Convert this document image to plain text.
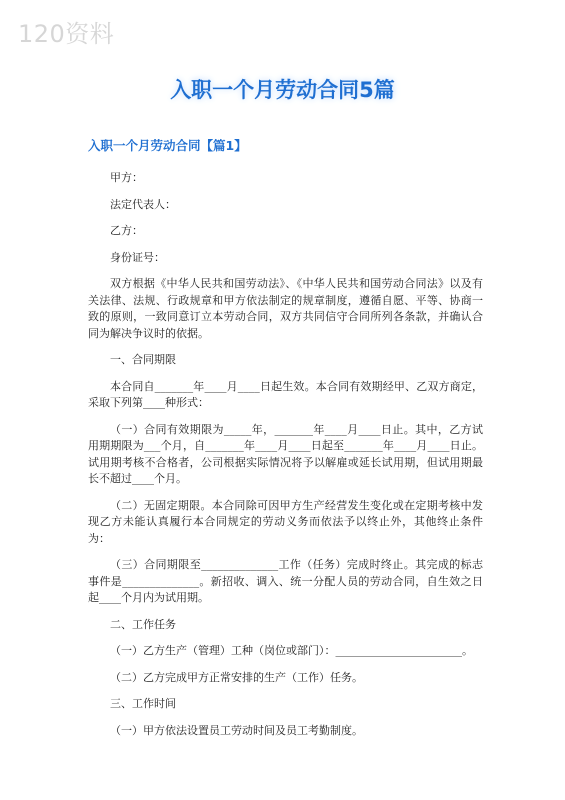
120资料
入职一个月劳动合同5篇
入职一个月劳动合同【篇1】

甲方：

法定代表人：

乙方：

身份证号：

双方根据《中华人民共和国劳动法》、《中华人民共和国劳动合同法》以及有关法律、法规、行政规章和甲方依法制定的规章制度，遵循自愿、平等、协商一致的原则，一致同意订立本劳动合同，双方共同信守合同所列各条款，并确认合同为解决争议时的依据。

一、合同期限

本合同自_______年____月____日起生效。本合同有效期经甲、乙双方商定，采取下列第____种形式：

（一）合同有效期限为_____年，_______年____月____日止。其中，乙方试用期期限为___个月，自_______年____月____日起至_______年____月____日止。试用期考核不合格者，公司根据实际情况将予以解雇或延长试用期，但试用期最长不超过____个月。

（二）无固定期限。本合同除可因甲方生产经营发生变化或在定期考核中发现乙方未能认真履行本合同规定的劳动义务而依法予以终止外，其他终止条件为：

（三）合同期限至______________工作（任务）完成时终止。其完成的标志事件是______________。新招收、调入、统一分配人员的劳动合同，自生效之日起____个月内为试用期。

二、工作任务

（一）乙方生产（管理）工种（岗位或部门）：_______________________。

（二）乙方完成甲方正常安排的生产（工作）任务。

三、工作时间

（一）甲方依法设置员工劳动时间及员工考勤制度。
